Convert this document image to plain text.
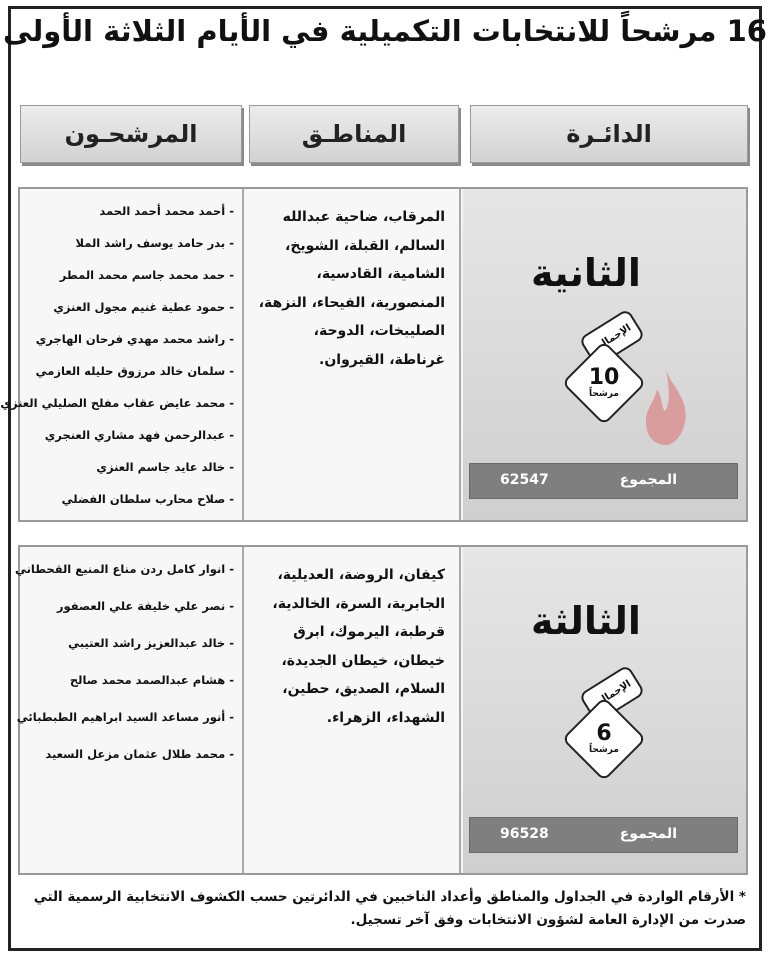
16 مرشحاً للانتخابات التكميلية في الأيام الثلاثة الأولى
الدائـرة
المناطـق
المرشحـون
- أحمد محمد أحمد الحمد
- بدر حامد يوسف راشد الملا
- حمد محمد جاسم محمد المطر
- حمود عطية غنيم مجول العنزي
- راشد محمد مهدي فرحان الهاجري
- سلمان خالد مرزوق حليله العازمي
- محمد عايض عقاب مفلح الصليلي العنزي
- عبدالرحمن فهد مشاري العنجري
- خالد عايد جاسم العنزي
- صلاح محارب سلطان الفضلي
المرقاب، ضاحية عبدالله السالم، القبلة، الشويخ، الشامية، القادسية، المنصورية، الفيحاء، النزهة، الصليبخات، الدوحة، غرناطة، القيروان.
الثانية
الإجمالي
10
مرشحاً
المجموع
62547
- انوار كامل ردن مناع المنيع القحطاني
- نصر علي خليفة علي العصفور
- خالد عبدالعزيز راشد العتيبي
- هشام عبدالصمد محمد صالح
- أنور مساعد السيد ابراهيم الطبطبائي
- محمد طلال عثمان مزعل السعيد
كيفان، الروضة، العديلية، الجابرية، السرة، الخالدية، قرطبة، اليرموك، ابرق خيطان، خيطان الجديدة، السلام، الصديق، حطين، الشهداء، الزهراء.
الثالثة
الإجمالي
6
مرشحاً
المجموع
96528
* الأرقام الواردة في الجداول والمناطق وأعداد الناخبين في الدائرتين حسب الكشوف الانتخابية الرسمية التي صدرت من الإدارة العامة لشؤون الانتخابات وفق آخر تسجيل.
